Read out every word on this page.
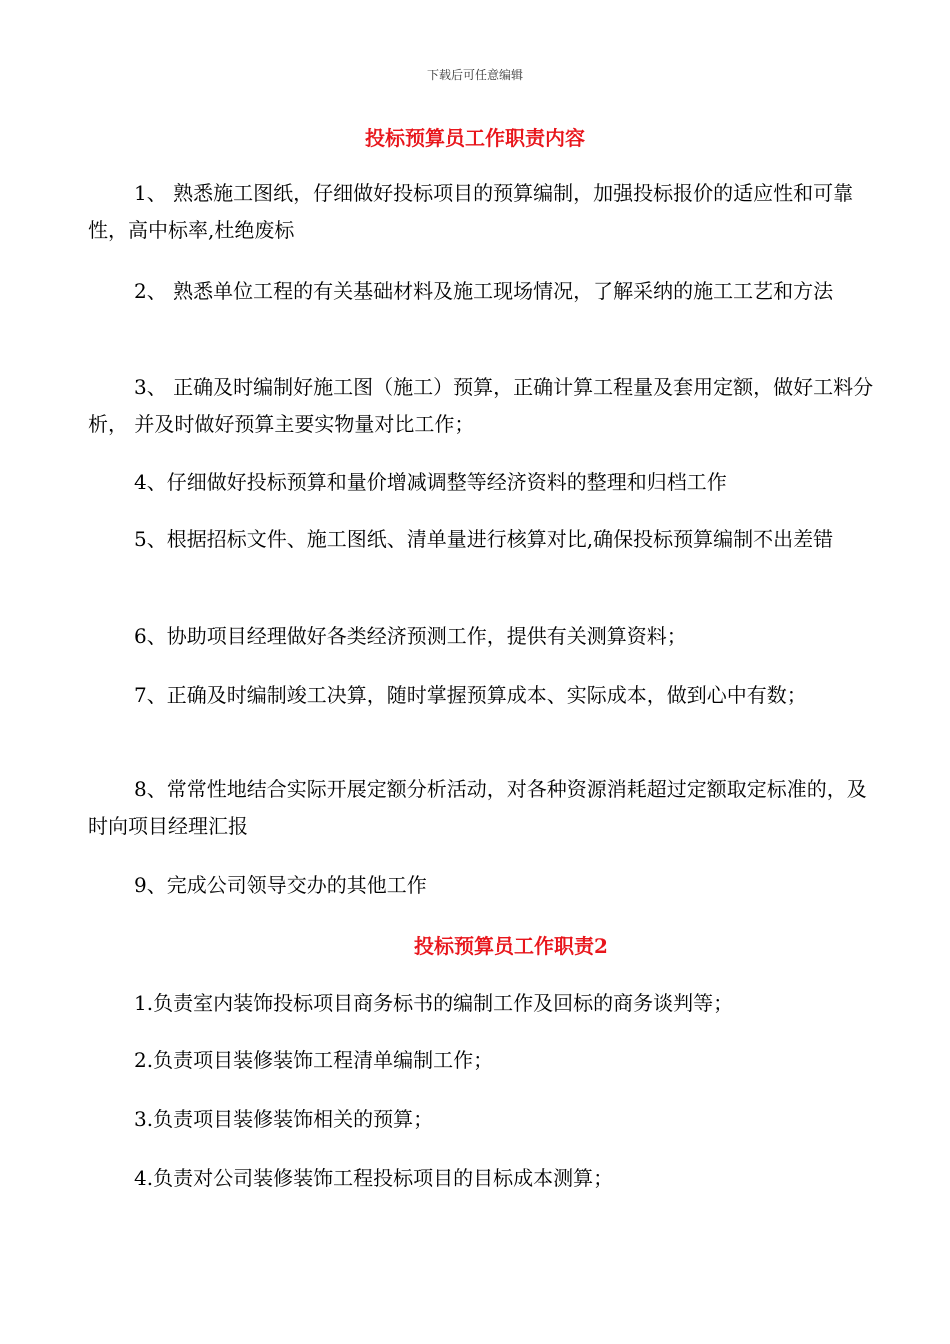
下载后可任意编辑
投标预算员工作职责内容
1、 熟悉施工图纸，仔细做好投标项目的预算编制，加强投标报价的适应性和可靠性，高中标率,杜绝废标
2、 熟悉单位工程的有关基础材料及施工现场情况，了解采纳的施工工艺和方法
3、 正确及时编制好施工图（施工）预算，正确计算工程量及套用定额，做好工料分析， 并及时做好预算主要实物量对比工作；
4、仔细做好投标预算和量价增减调整等经济资料的整理和归档工作
5、根据招标文件、施工图纸、清单量进行核算对比,确保投标预算编制不出差错
6、协助项目经理做好各类经济预测工作，提供有关测算资料；
7、正确及时编制竣工决算，随时掌握预算成本、实际成本，做到心中有数；
8、常常性地结合实际开展定额分析活动，对各种资源消耗超过定额取定标准的，及时向项目经理汇报
9、完成公司领导交办的其他工作
投标预算员工作职责2
1.负责室内装饰投标项目商务标书的编制工作及回标的商务谈判等；
2.负责项目装修装饰工程清单编制工作；
3.负责项目装修装饰相关的预算；
4.负责对公司装修装饰工程投标项目的目标成本测算；
